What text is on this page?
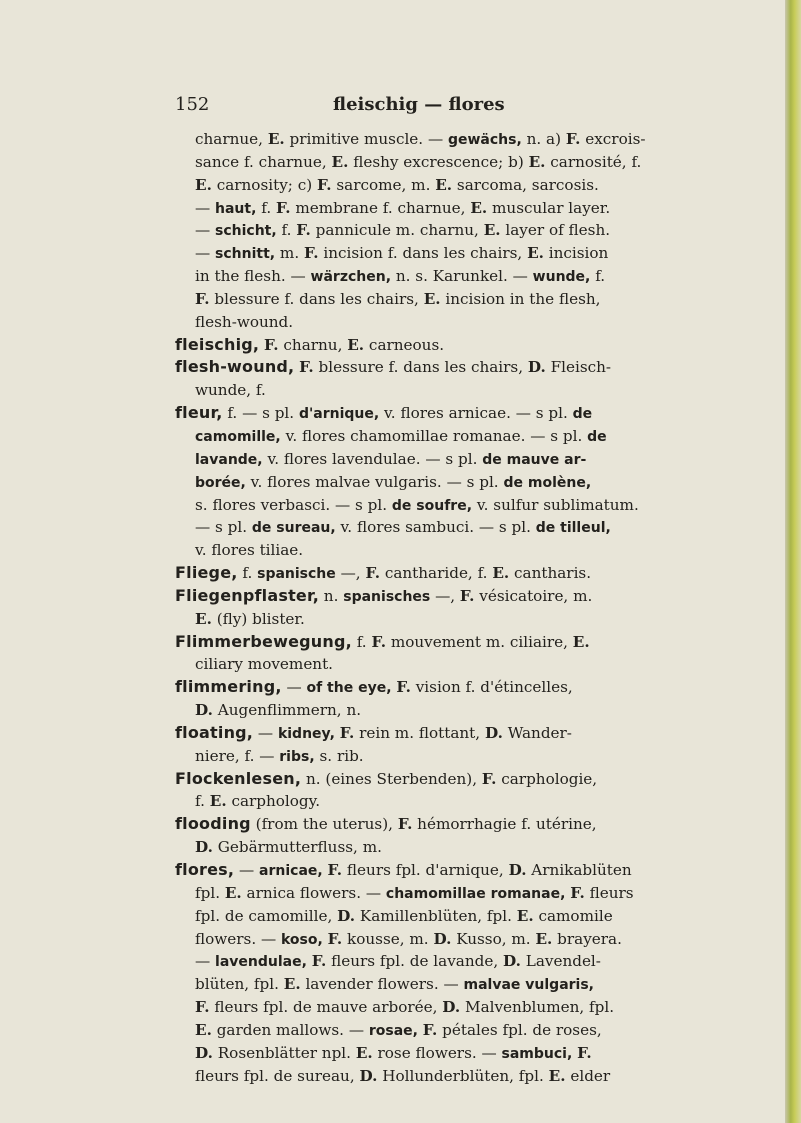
152	fleischig — flores
charnue, E. primitive muscle. — gewächs, n. a) F. excrois-
sance f. charnue, E. fleshy excrescence; b) E. carnosité, f.
E. carnosity; c) F. sarcome, m. E. sarcoma, sarcosis.
— haut, f. F. membrane f. charnue, E. muscular layer.
— schicht, f. F. pannicule m. charnu, E. layer of flesh.
— schnitt, m. F. incision f. dans les chairs, E. incision
in the flesh. — wärzchen, n. s. Karunkel. — wunde, f.
F. blessure f. dans les chairs, E. incision in the flesh,
flesh-wound.
fleischig, F. charnu, E. carneous.
flesh-wound, F. blessure f. dans les chairs, D. Fleisch-
wunde, f.
fleur, f. — s pl. d'arnique, v. flores arnicae. — s pl. de
camomille, v. flores chamomillae romanae. — s pl. de
lavande, v. flores lavendulae. — s pl. de mauve ar-
borée, v. flores malvae vulgaris. — s pl. de molène,
s. flores verbasci. — s pl. de soufre, v. sulfur sublimatum.
— s pl. de sureau, v. flores sambuci. — s pl. de tilleul,
v. flores tiliae.
Fliege, f. spanische —, F. cantharide, f. E. cantharis.
Fliegenpflaster, n. spanisches —, F. vésicatoire, m.
E. (fly) blister.
Flimmerbewegung, f. F. mouvement m. ciliaire, E.
ciliary movement.
flimmering, — of the eye, F. vision f. d'étincelles,
D. Augenflimmern, n.
floating, — kidney, F. rein m. flottant, D. Wander-
niere, f. — ribs, s. rib.
Flockenlesen, n. (eines Sterbenden), F. carphologie,
f. E. carphology.
flooding (from the uterus), F. hémorrhagie f. utérine,
D. Gebärmutterfluss, m.
flores, — arnicae, F. fleurs fpl. d'arnique, D. Arnikablüten
fpl. E. arnica flowers. — chamomillae romanae, F. fleurs
fpl. de camomille, D. Kamillenblüten, fpl. E. camomile
flowers. — koso, F. kousse, m. D. Kusso, m. E. brayera.
— lavendulae, F. fleurs fpl. de lavande, D. Lavendel-
blüten, fpl. E. lavender flowers. — malvae vulgaris,
F. fleurs fpl. de mauve arborée, D. Malvenblumen, fpl.
E. garden mallows. — rosae, F. pétales fpl. de roses,
D. Rosenblätter npl. E. rose flowers. — sambuci, F.
fleurs fpl. de sureau, D. Hollunderblüten, fpl. E. elder
